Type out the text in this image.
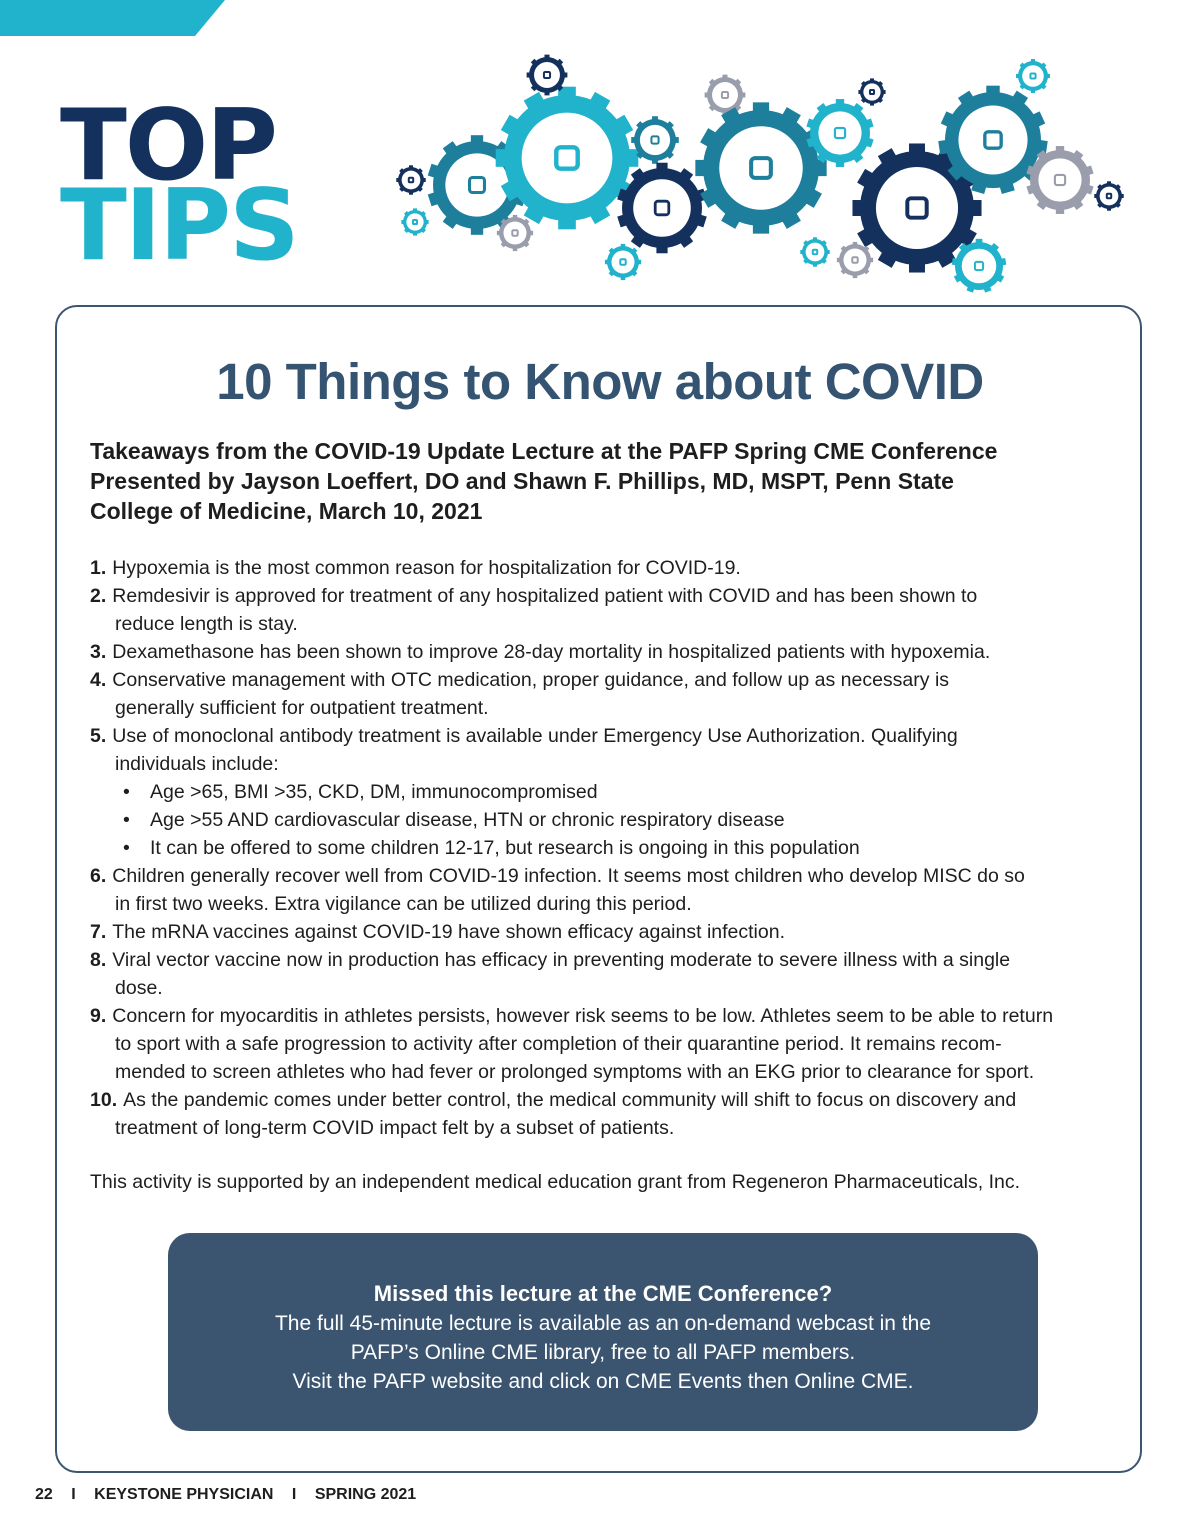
TOP

TIPS

10 Things to Know about COVID
Takeaways from the COVID-19 Update Lecture at the PAFP Spring CME Conference
Presented by Jayson Loeffert, DO and Shawn F. Phillips, MD, MSPT, Penn State
College of Medicine, March 10, 2021
1. Hypoxemia is the most common reason for hospitalization for COVID-19.
2. Remdesivir is approved for treatment of any hospitalized patient with COVID and has been shown to
reduce length is stay.
3. Dexamethasone has been shown to improve 28-day mortality in hospitalized patients with hypoxemia.
4. Conservative management with OTC medication, proper guidance, and follow up as necessary is
generally sufficient for outpatient treatment.
5. Use of monoclonal antibody treatment is available under Emergency Use Authorization. Qualifying
individuals include:
• Age >65, BMI >35, CKD, DM, immunocompromised
• Age >55 AND cardiovascular disease, HTN or chronic respiratory disease
• It can be offered to some children 12-17, but research is ongoing in this population
6. Children generally recover well from COVID-19 infection. It seems most children who develop MISC do so
in first two weeks. Extra vigilance can be utilized during this period.
7. The mRNA vaccines against COVID-19 have shown efficacy against infection.
8. Viral vector vaccine now in production has efficacy in preventing moderate to severe illness with a single
dose.
9. Concern for myocarditis in athletes persists, however risk seems to be low. Athletes seem to be able to return
to sport with a safe progression to activity after completion of their quarantine period. It remains recom-
mended to screen athletes who had fever or prolonged symptoms with an EKG prior to clearance for sport.
10. As the pandemic comes under better control, the medical community will shift to focus on discovery and
treatment of long-term COVID impact felt by a subset of patients.

This activity is supported by an independent medical education grant from Regeneron Pharmaceuticals, Inc.

Missed this lecture at the CME Conference?

The full 45-minute lecture is available as an on-demand webcast in the

PAFP’s Online CME library, free to all PAFP members.

Visit the PAFP website and click on CME Events then Online CME.

22 I KEYSTONE PHYSICIAN I SPRING 2021
